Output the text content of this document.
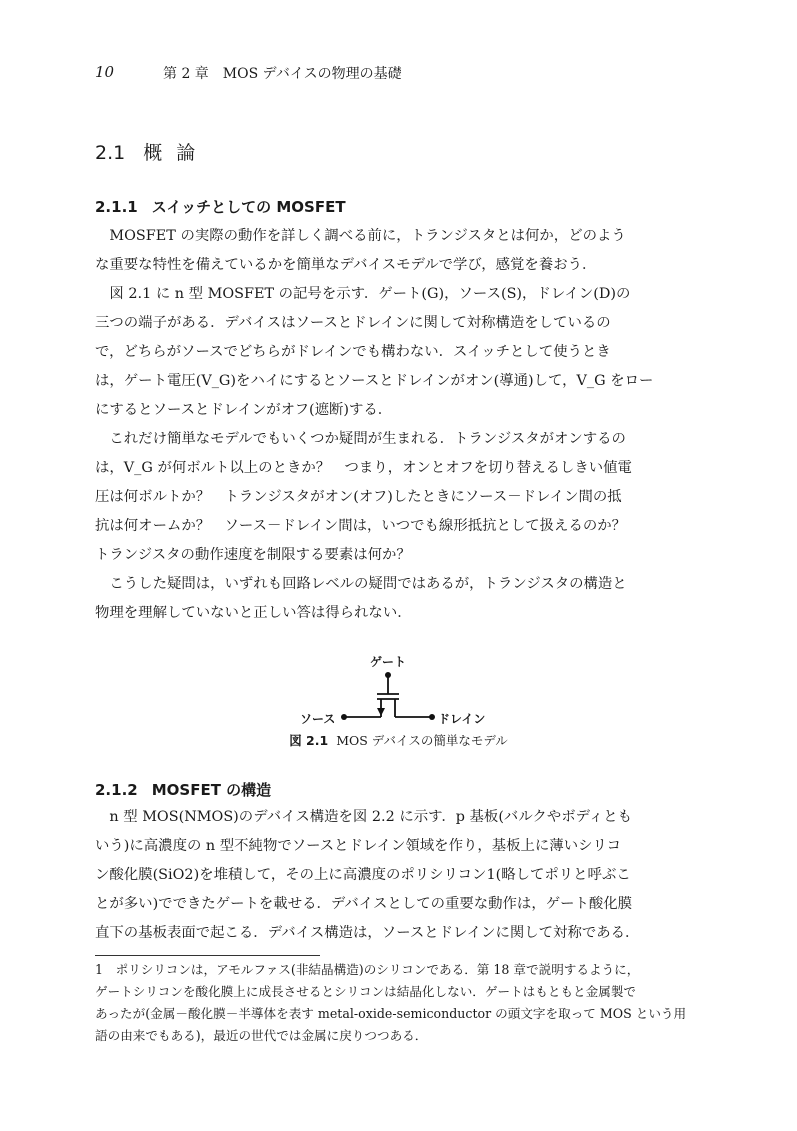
10	第 2 章　MOS デバイスの物理の基礎
2.1 概論
2.1.1 スイッチとしての MOSFET
　MOSFET の実際の動作を詳しく調べる前に，トランジスタとは何か，どのよう
な重要な特性を備えているかを簡単なデバイスモデルで学び，感覚を養おう．
　図 2.1 に n 型 MOSFET の記号を示す．ゲート(G)，ソース(S)，ドレイン(D)の
三つの端子がある．デバイスはソースとドレインに関して対称構造をしているの
で，どちらがソースでどちらがドレインでも構わない．スイッチとして使うとき
は，ゲート電圧(V_G)をハイにするとソースとドレインがオン(導通)して，V_G をロー
にするとソースとドレインがオフ(遮断)する．
　これだけ簡単なモデルでもいくつか疑問が生まれる．トランジスタがオンするの
は，V_G が何ボルト以上のときか？　つまり，オンとオフを切り替えるしきい値電
圧は何ボルトか？　トランジスタがオン(オフ)したときにソース－ドレイン間の抵
抗は何オームか？　ソース－ドレイン間は，いつでも線形抵抗として扱えるのか？
トランジスタの動作速度を制限する要素は何か？
　こうした疑問は，いずれも回路レベルの疑問ではあるが，トランジスタの構造と
物理を理解していないと正しい答は得られない．
ゲート
ソース	ドレイン
図 2.1 MOS デバイスの簡単なモデル
2.1.2 MOSFET の構造
　n 型 MOS(NMOS)のデバイス構造を図 2.2 に示す．p 基板(バルクやボディとも
いう)に高濃度の n 型不純物でソースとドレイン領域を作り，基板上に薄いシリコ
ン酸化膜(SiO2)を堆積して，その上に高濃度のポリシリコン1(略してポリと呼ぶこ
とが多い)でできたゲートを載せる．デバイスとしての重要な動作は，ゲート酸化膜
直下の基板表面で起こる．デバイス構造は，ソースとドレインに関して対称である．
1　ポリシリコンは，アモルファス(非結晶構造)のシリコンである．第 18 章で説明するように，
ゲートシリコンを酸化膜上に成長させるとシリコンは結晶化しない．ゲートはもともと金属製で
あったが(金属－酸化膜－半導体を表す metal-oxide-semiconductor の頭文字を取って MOS という用
語の由来でもある)，最近の世代では金属に戻りつつある．
